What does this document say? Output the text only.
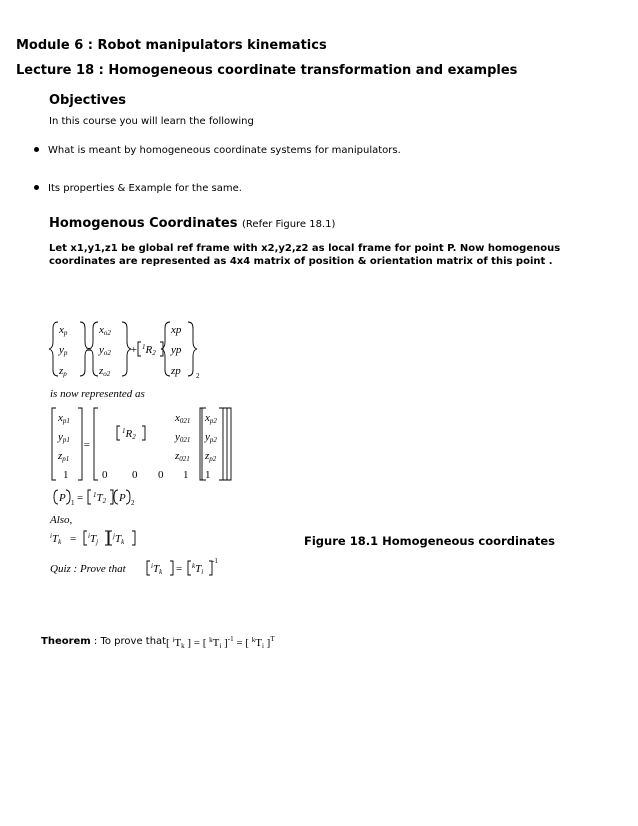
Module 6 : Robot manipulators kinematics
Lecture 18 : Homogeneous coordinate transformation and examples
Objectives
In this course you will learn the following
What is meant by homogeneous coordinate systems for manipulators.
Its properties & Example for the same.
Homogenous Coordinates (Refer Figure 18.1)
Let x1,y1,z1 be global ref frame with x2,y2,z2 as local frame for point P. Now homogenous coordinates are represented as 4x4 matrix of position & orientation matrix of this point .
xp
yp
zp
=
xo2
yo2
zo2
+ $^1$R2
xp
yp
zp 2
is now represented as
xp1
yp1
zp1
1
=
$^1$R2
x021
y021
z021
0 0 0 1
xp2
yp2
zp2
1
P 1 = $^1$T2 P 2
Also,
$^i$Tk = $^i$Tj
$^j$Tk
Quiz : Prove that	$^i$Tk = $^k$Ti
-1
Figure 18.1 Homogeneous coordinates
Theorem : To prove that [ $^i$Tk ] = [ $^k$Ti ]$^{-1}$ = [ $^k$Ti ]$^T$
